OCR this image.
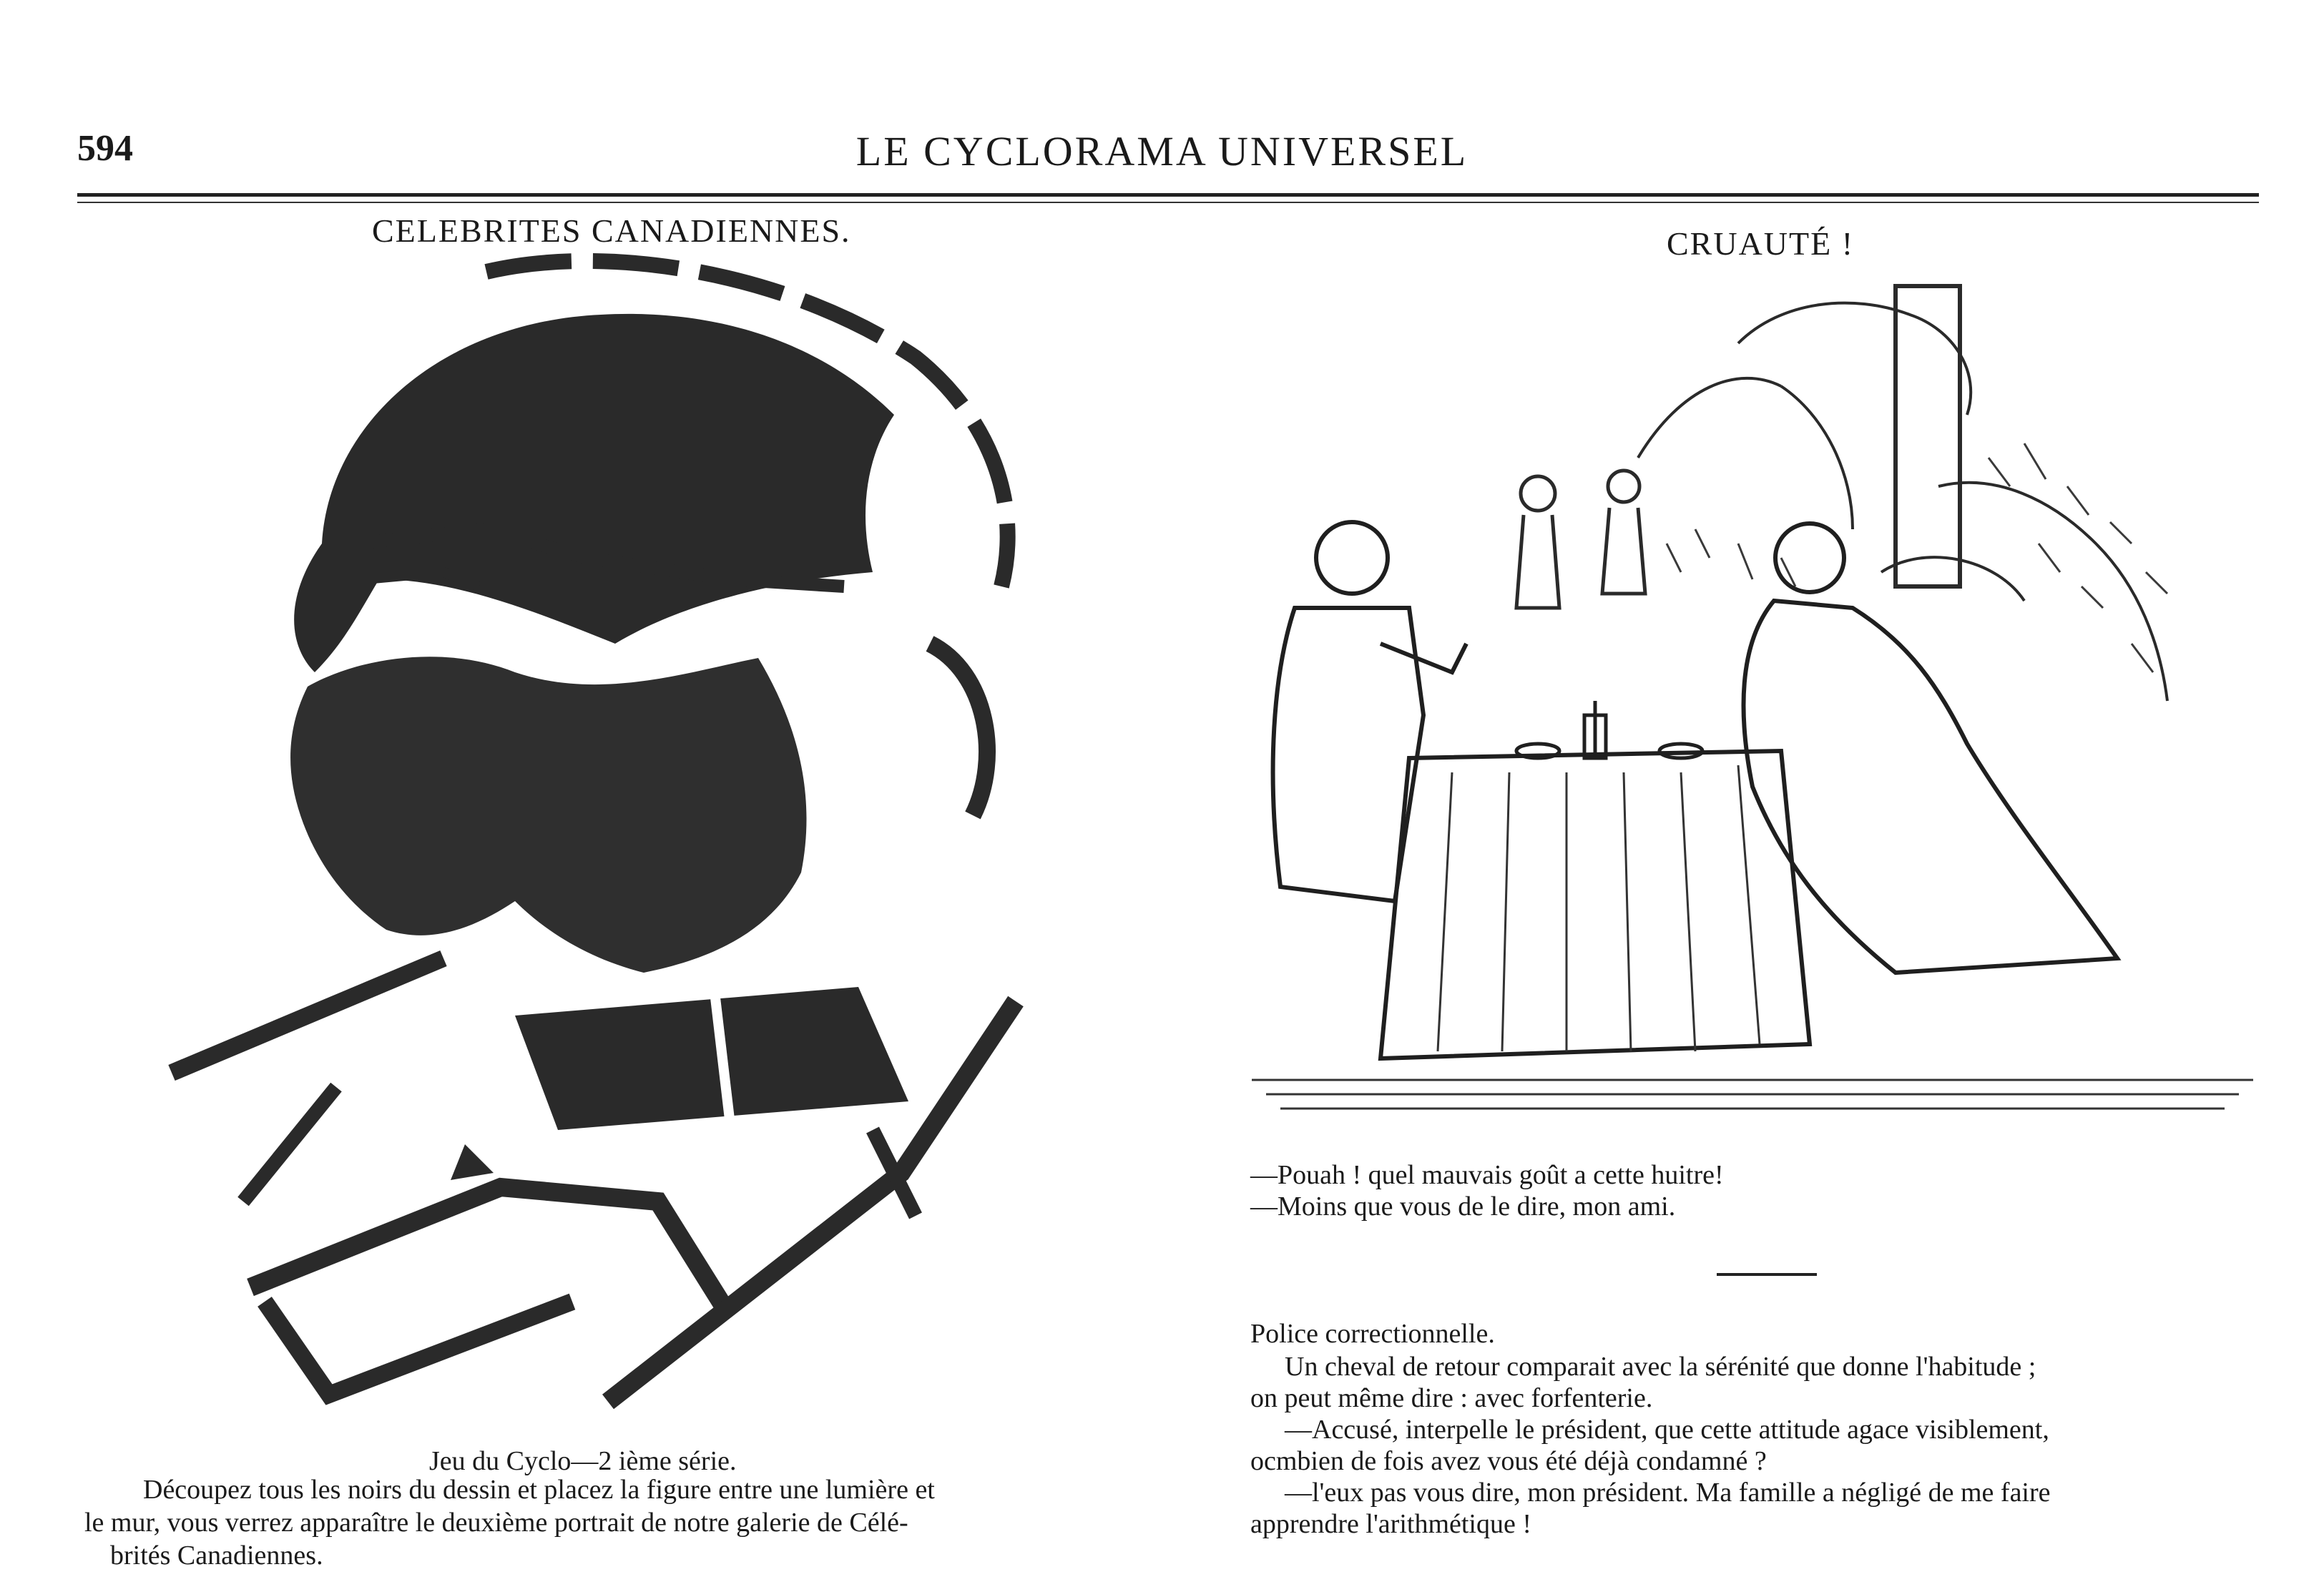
594	LE CYCLORAMA UNIVERSEL
CELEBRITES CANADIENNES.	CRUAUTÉ !
Jeu du Cyclo—2 ième série.
Découpez tous les noirs du dessin et placez la figure entre une lumière et
le mur, vous verrez apparaître le deuxième portrait de notre galerie de Célé-
brités Canadiennes.
—Pouah ! quel mauvais goût a cette huitre!
—Moins que vous de le dire, mon ami.
Police correctionnelle.
Un cheval de retour comparait avec la sérénité que donne l'habitude ;
on peut même dire : avec forfenterie.
—Accusé, interpelle le président, que cette attitude agace visiblement,
ocmbien de fois avez vous été déjà condamné ?
—l'eux pas vous dire, mon président. Ma famille a négligé de me faire
apprendre l'arithmétique !
